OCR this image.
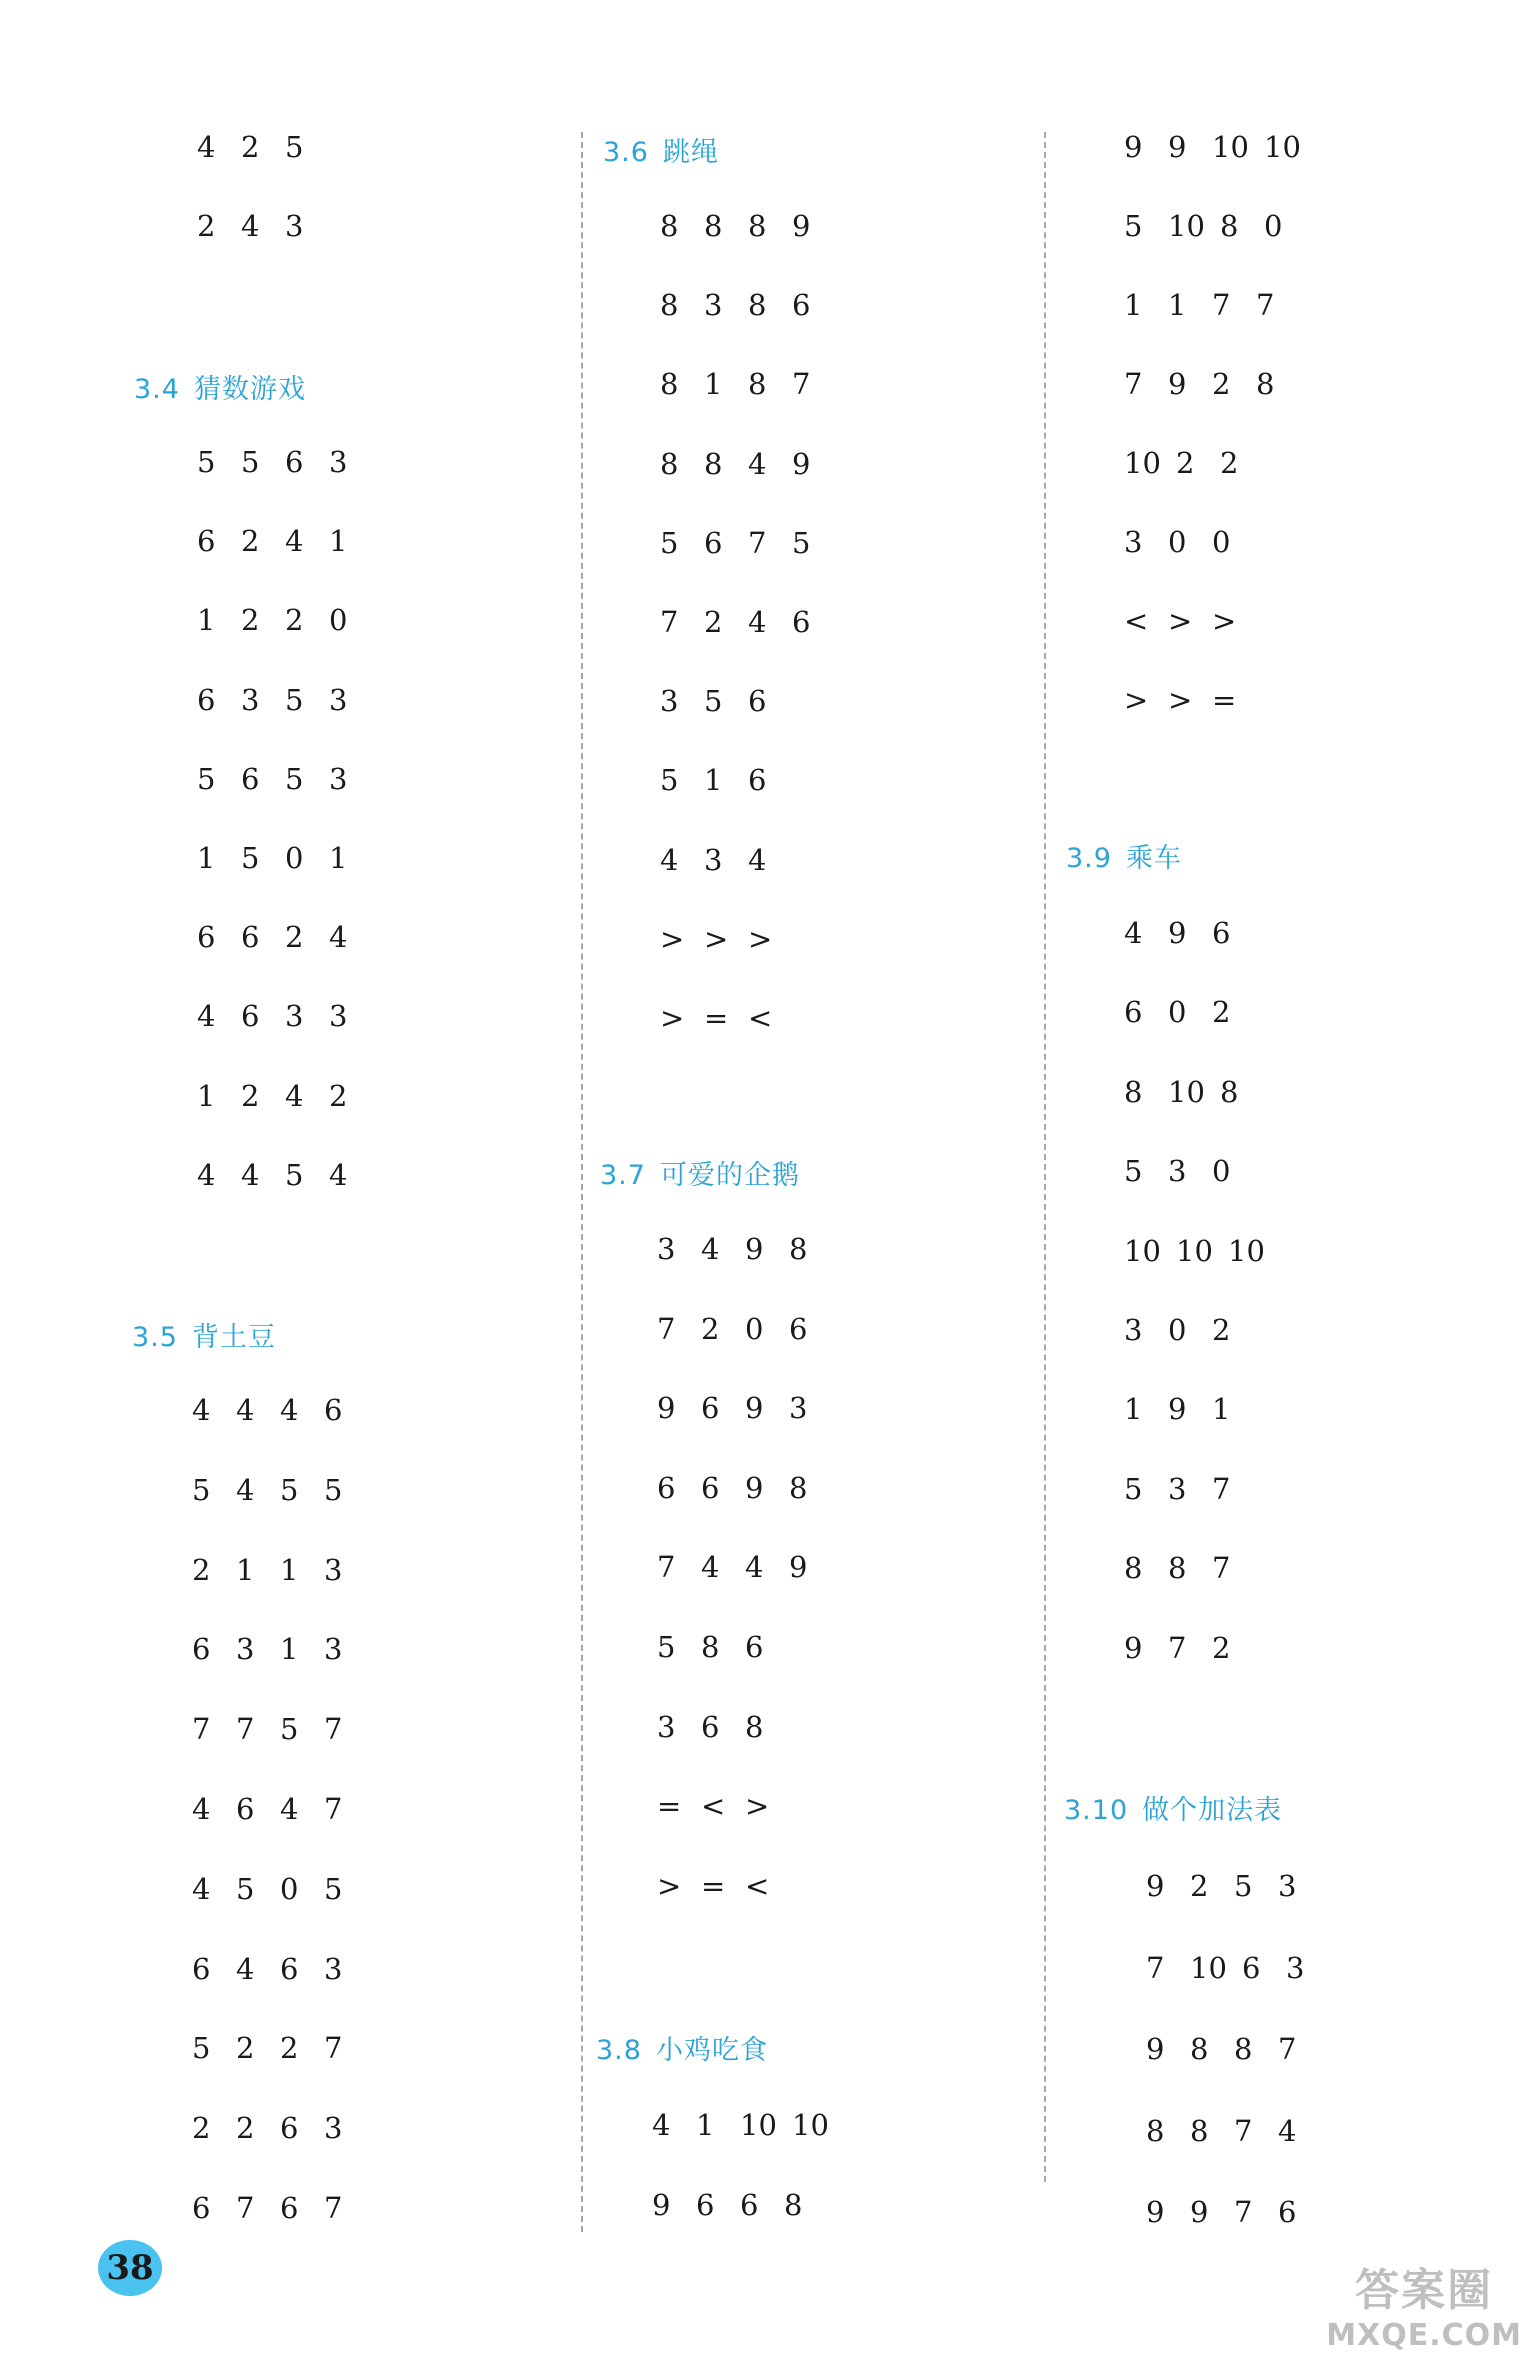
4 2 5
2 4 3
3.4 猜数游戏
5 5 6 3
6 2 4 1
1 2 2 0
6 3 5 3
5 6 5 3
1 5 0 1
6 6 2 4
4 6 3 3
1 2 4 2
4 4 5 4
3.5 背土豆
4 4 4 6
5 4 5 5
2 1 1 3
6 3 1 3
7 7 5 7
4 6 4 7
4 5 0 5
6 4 6 3
5 2 2 7
2 2 6 3
6 7 6 7
3.6 跳绳
8 8 8 9
8 3 8 6
8 1 8 7
8 8 4 9
5 6 7 5
7 2 4 6
3 5 6
5 1 6
4 3 4
> > >
> = <
3.7 可爱的企鹅
3 4 9 8
7 2 0 6
9 6 9 3
6 6 9 8
7 4 4 9
5 8 6
3 6 8
= < >
> = <
3.8 小鸡吃食
4 1 10 10
9 6 6 8
9 9 10 10
5 10 8 0
1 1 7 7
7 9 2 8
10 2 2
3 0 0
< > >
> > =
3.9 乘车
4 9 6
6 0 2
8 10 8
5 3 0
10 10 10
3 0 2
1 9 1
5 3 7
8 8 7
9 7 2
3.10 做个加法表
9 2 5 3
7 10 6 3
9 8 8 7
8 8 7 4
9 9 7 6
38	答案圈
MXQE.COM
